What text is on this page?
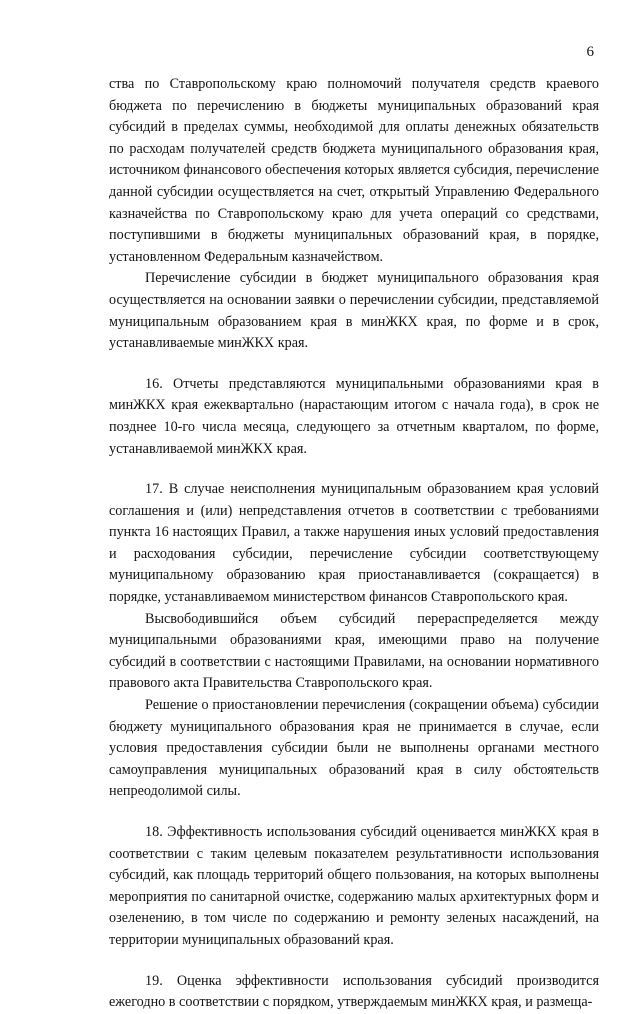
6

ства по Ставропольскому краю полномочий получателя средств краевого бюджета по перечислению в бюджеты муниципальных образований края субсидий в пределах суммы, необходимой для оплаты денежных обязательств по расходам получателей средств бюджета муниципального образования края, источником финансового обеспечения которых является субсидия, перечисление данной субсидии осуществляется на счет, открытый Управлению Федерального казначейства по Ставропольскому краю для учета операций со средствами, поступившими в бюджеты муниципальных образований края, в порядке, установленном Федеральным казначейством.

Перечисление субсидии в бюджет муниципального образования края осуществляется на основании заявки о перечислении субсидии, представляемой муниципальным образованием края в минЖКХ края, по форме и в срок, устанавливаемые минЖКХ края.

16. Отчеты представляются муниципальными образованиями края в минЖКХ края ежеквартально (нарастающим итогом с начала года), в срок не позднее 10-го числа месяца, следующего за отчетным кварталом, по форме, устанавливаемой минЖКХ края.

17. В случае неисполнения муниципальным образованием края условий соглашения и (или) непредставления отчетов в соответствии с требованиями пункта 16 настоящих Правил, а также нарушения иных условий предоставления и расходования субсидии, перечисление субсидии соответствующему муниципальному образованию края приостанавливается (сокращается) в порядке, устанавливаемом министерством финансов Ставропольского края.

Высвободившийся объем субсидий перераспределяется между муниципальными образованиями края, имеющими право на получение субсидий в соответствии с настоящими Правилами, на основании нормативного правового акта Правительства Ставропольского края.

Решение о приостановлении перечисления (сокращении объема) субсидии бюджету муниципального образования края не принимается в случае, если условия предоставления субсидии были не выполнены органами местного самоуправления муниципальных образований края в силу обстоятельств непреодолимой силы.

18. Эффективность использования субсидий оценивается минЖКХ края в соответствии с таким целевым показателем результативности использования субсидий, как площадь территорий общего пользования, на которых выполнены мероприятия по санитарной очистке, содержанию малых архитектурных форм и озеленению, в том числе по содержанию и ремонту зеленых насаждений, на территории муниципальных образований края.

19. Оценка эффективности использования субсидий производится ежегодно в соответствии с порядком, утверждаемым минЖКХ края, и размеща-
